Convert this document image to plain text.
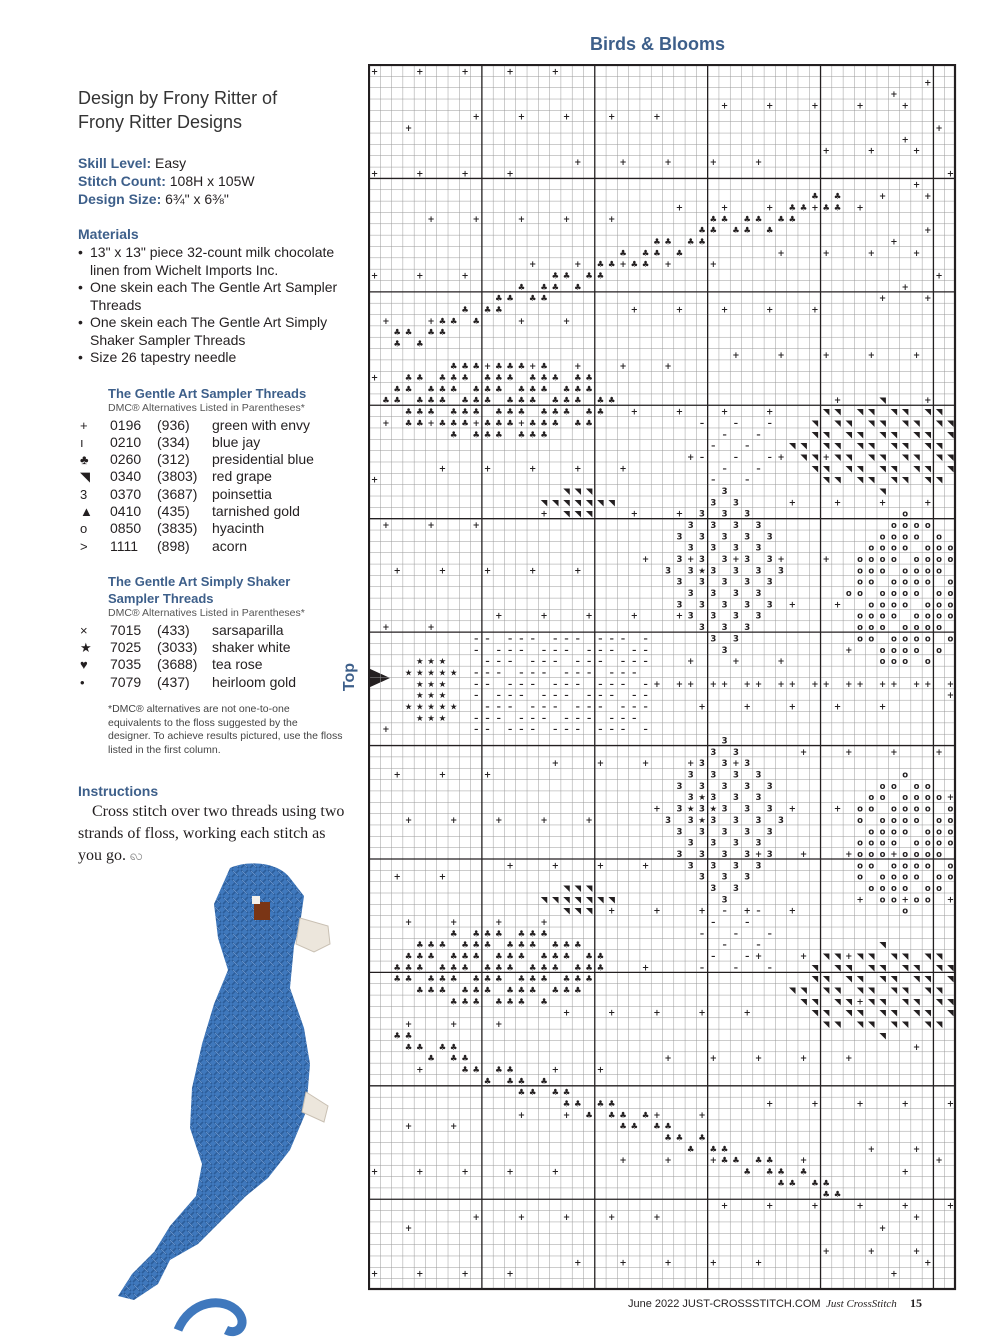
Birds & Blooms

Design by Frony Ritter of
Frony Ritter Designs

Skill Level: Easy

Stitch Count: 108H x 105W

Design Size: 6¾" x 6⅜"

Materials
• 13" x 13" piece 32-count milk chocolate linen from Wichelt Imports Inc.
• One skein each The Gentle Art Sampler Threads
• One skein each The Gentle Art Simply Shaker Sampler Threads
• Size 26 tapestry needle
The Gentle Art Sampler Threads
DMC® Alternatives Listed in Parentheses*
+	0196	(936)	green with envy
ı	0210	(334)	blue jay
♣	0260	(312)	presidential blue
◥	0340	(3803)	red grape
3	0370	(3687)	poinsettia
▲	0410	(435)	tarnished gold
o	0850	(3835)	hyacinth
>	1111	(898)	acorn
The Gentle Art Simply Shaker
Sampler Threads
DMC® Alternatives Listed in Parentheses*
×	7015	(433)	sarsaparilla
★	7025	(3033)	shaker white
♥	7035	(3688)	tea rose
•	7079	(437)	heirloom gold
*DMC® alternatives are not one-to-one equivalents to the floss suggested by the designer. To achieve results pictured, use the floss listed in the first column.
Instructions

Cross stitch over two threads using two strands of floss, working each stitch as you go. ꩮ

Top
+	+	+	+	+
+
+
+	+	+	+	+
+	+	+	+	+
+	+
+
+	+	+
+	+	+	+	+
+	+	+	+	+
+
♣ ♣	+	+
+	+	+ ♣ ♣ + ♣ ♣ +
+	+	+	+	+	♣ ♣ ♣ ♣ ♣ ♣
♣ ♣ ♣ ♣ ♣	+
♣ ♣ ♣ ♣	+
♣ ♣ ♣ ♣	+	+	+	+
+	+ ♣ ♣ + ♣ ♣ +	+
+	+	+	♣ ♣ ♣ ♣	+
♣ ♣ ♣ ♣	+
♣ ♣ ♣ ♣	+	+
♣ ♣ ♣	+	+	+	+	+
+	+ ♣ ♣ ♣	+	+
♣ ♣ ♣ ♣
♣ ♣
+	+	+	+	+
♣ ♣ ♣ + ♣ ♣ ♣ + ♣	+	+	+
+	♣ ♣ ♣ ♣ ♣ ♣ ♣ ♣ ♣ ♣ ♣ ♣ ♣
♣ ♣ ♣ ♣ ♣ ♣ ♣ ♣ ♣ ♣ ♣ ♣ ♣ ♣
♣ ♣ ♣ ♣ ♣ ♣ ♣ ♣ ♣ ♣ ♣ ♣ ♣ ♣ ♣ ♣	+	◥	+
♣ ♣ ♣ ♣ ♣ ♣ ♣ ♣ ♣ ♣ ♣ ♣ ♣ ♣	+	+	+	+	◥ ◥ ◥ ◥ ◥ ◥ ◥ ◥
+ ♣ ♣ + ♣ ♣ ♣ + ♣ ♣ ♣ + ♣ ♣ ♣ ♣ ♣	–	–	–	◥ ◥ ◥ ◥ ◥ ◥ ◥ ◥ ◥
♣ ♣ ♣ ♣ ♣ ♣ ♣	–	–	◥ ◥ ◥ ◥ ◥ ◥ ◥ ◥ ◥
–	–	◥ ◥ ◥ ◥ ◥ ◥ ◥ ◥ ◥ ◥
+ –	–	– + ◥ ◥ + ◥ ◥ ◥ ◥ ◥ ◥ ◥ ◥
+	+	+	+	+	–	–	◥ ◥ ◥ ◥ ◥ ◥ ◥ ◥ ◥
+	–	–	◥ ◥ ◥ ◥ ◥ ◥ ◥ ◥
◥ ◥ ◥	3	◥
◥ ◥ ◥ ◥ ◥ ◥ ◥	3 3	+	+	+	+
+ ◥ ◥ ◥	+	+ 3 3 3	o
+	+	+	3 3 3 3	o o o o
3 3 3 3 3	o o o o o
3 3 3 3	o o o o o o o
+	3 + 3 3 + 3 3 +	+	o o o o o o o o
+	+	+	+	+	3 3 ★ 3 3 3 3	o o o o o o o
3 3 3 3 3	o o o o o o o
3 3 3 3	o o o o o o o o
3 3 3 3 3 +	+	o o o o o o o
+	+	+	+	+ 3 3 3 3	o o o o o o o o
+	+	3 3 3	o o o o o o o
– – – – – – – – – – – –	3 3	o o o o o o o
– – – – – – – – – – – –	3	+	o o o o o
★ ★ ★	– – – – – – – – – – – –	+	+	+	o o o o
★ ★ ★ ★ ★ – – – – – – – – – – – –
★ ★ ★	– – – – – – – – – – – – + + + + + + + + + + + + + + + + + +
★ ★ ★	– – – – – – – – – – – –	+
★ ★ ★ ★ ★	– – – – – – – – – – – –	+	+	+	+	+
★ ★ ★	– – – – – – – – – – – –
+	– – – – – – – – – – – –
3
3 3	+	+	+	+
+	+	+	+ 3 3 + 3
+	+	+	3 3 3 3	o
3 3 3 3 3	o o o o
3 ★ 3 3 3	o o o o o o +
+ 3 ★ 3 ★ 3 3 3 +	+ o o o o o o o
+	+	+	+	+	3 3 ★ 3 3 3 3	o o o o o o o
3 3 3 3 3	o o o o o o o
3 3 3 3	o o o o o o o o
3 3 3 3 + 3	+	+ o o o + o o o o
+	+	+	+	3 3 3 3	o o o o o o o
+	+	3 3 3	o o o o o o o
◥ ◥ ◥	3 3	o o o o o o
◥ ◥ ◥ ◥ ◥ ◥ ◥	3	+ o o + o o +
◥ ◥ ◥ +	+	+ – + –	+	o
+	+	+	+	–	–
♣ ♣ ♣ ♣ ♣ ♣ ♣	–	–	–
♣ ♣ ♣ ♣ ♣ ♣ ♣ ♣ ♣ ♣ ♣ ♣	–	–	◥
♣ ♣ ♣ ♣ ♣ ♣ ♣ ♣ ♣ ♣ ♣ ♣ ♣ ♣	–	– +	+ ◥ ◥ + ◥ ◥ ◥ ◥ ◥ ◥
♣ ♣ ♣ ♣ ♣ ♣ ♣ ♣ ♣ ♣ ♣ ♣ ♣ ♣ ♣	+	–	–	–	◥ ◥ ◥ ◥ ◥ ◥ ◥ ◥ ◥
♣ ♣ ♣ ♣ ♣ ♣ ♣ ♣ ♣ ♣ ♣ ♣ ♣ ♣	◥ ◥ ◥ ◥ ◥ ◥ ◥ ◥ ◥
♣ ♣ ♣ ♣ ♣ ♣ ♣ ♣ ♣ ♣ ♣ ♣	◥ ◥ ◥ ◥ ◥ ◥ ◥ ◥ ◥ ◥
♣ ♣ ♣ ♣ ♣ ♣ ♣	◥ ◥ ◥ ◥ + ◥ ◥ ◥ ◥ ◥ ◥
+	+	+	+	+	◥ ◥ ◥ ◥ ◥ ◥ ◥ ◥ ◥
+	+	+	◥ ◥ ◥ ◥ ◥ ◥ ◥ ◥
♣ ♣	◥
♣ ♣ ♣ ♣	+
♣ ♣ ♣	+	+	+	+	+
+	♣ ♣ ♣ ♣	+	+
♣ ♣ ♣ ♣
♣ ♣ ♣ ♣
♣ ♣ ♣ ♣	+	+	+	+	+
+	+ ♣ ♣ ♣ ♣ +	+
+	+	♣ ♣ ♣ ♣
♣ ♣ ♣
♣ ♣ ♣	+	+
+	+	+ ♣ ♣ ♣ ♣	+	+
+	+	+	+	+	♣ ♣ ♣ ♣	+
♣ ♣ ♣ ♣
♣ ♣
+	+	+	+	+	+
+	+	+	+	+	+
+	+
+	+	+
+	+	+	+	+	+
+	+	+	+	+
June 2022 JUST-CROSSSTITCH.COM Just CrossStitch 15
